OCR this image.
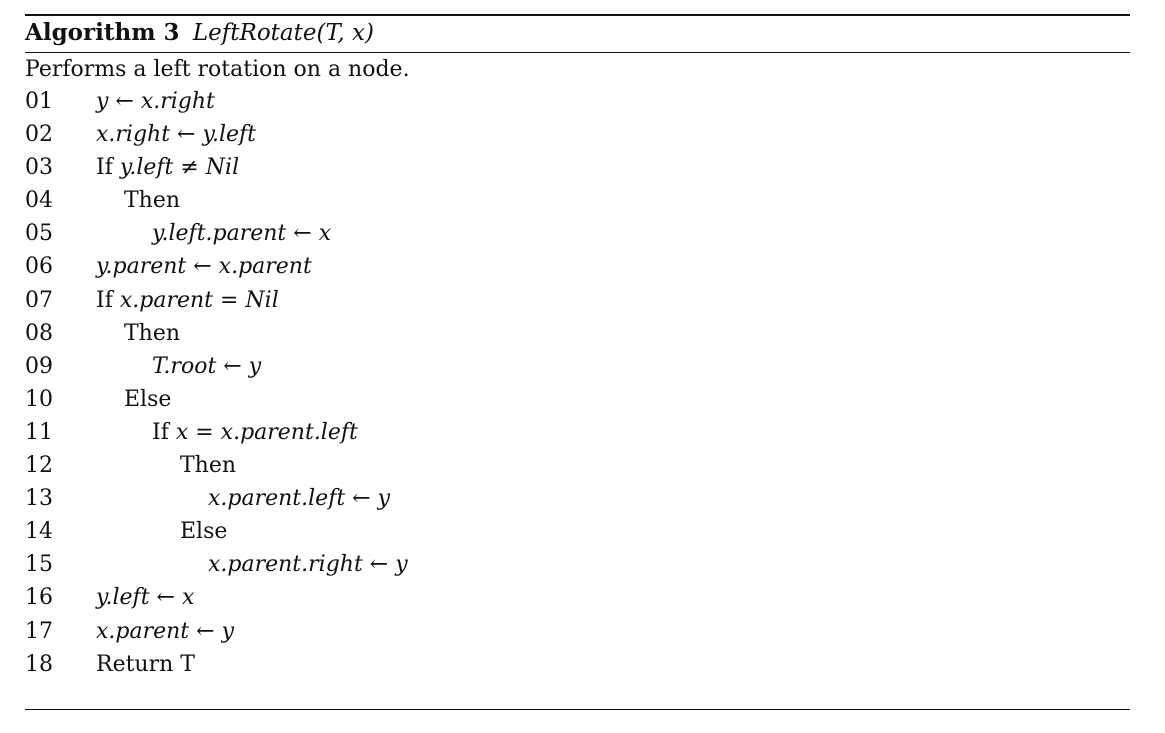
Algorithm 3 LeftRotate(T, x)
Performs a left rotation on a node.
01 y ← x.right
02 x.right ← y.left
03 If y.left ≠ Nil
04	Then
05	y.left.parent ← x
06 y.parent ← x.parent
07 If x.parent = Nil
08	Then
09	T.root ← y
10	Else
11	If x = x.parent.left
12	Then
13	x.parent.left ← y
14	Else
15	x.parent.right ← y
16 y.left ← x
17 x.parent ← y
18 Return T
